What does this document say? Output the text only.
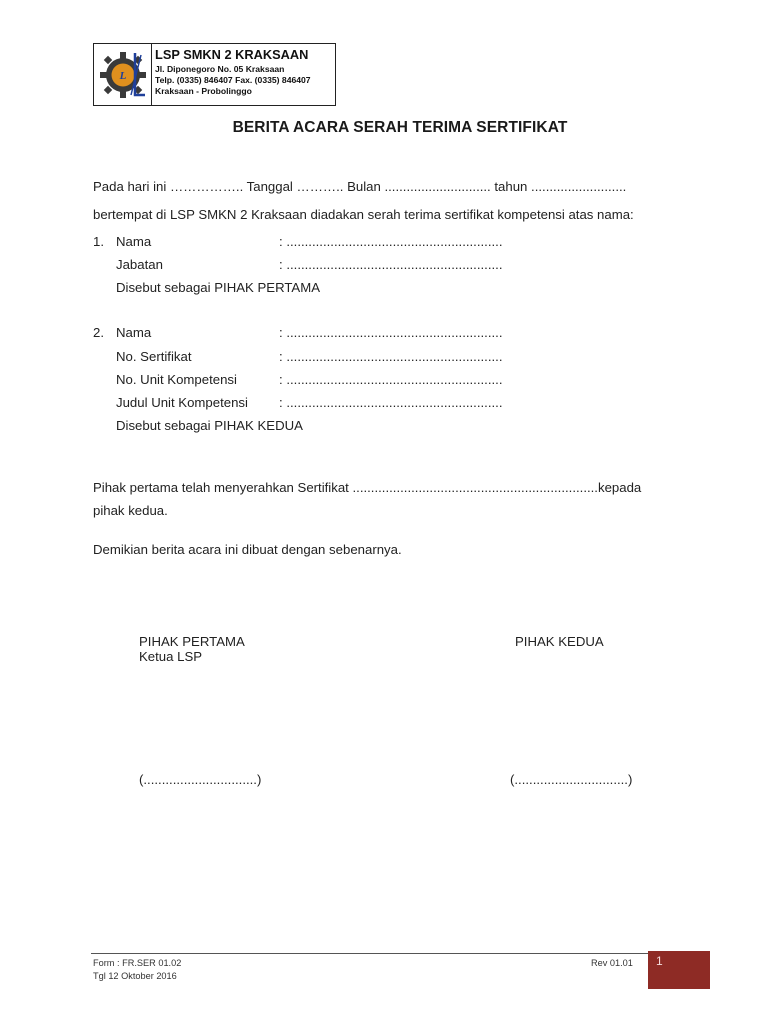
L
LSP SMKN 2 KRAKSAAN
Jl. Diponegoro No. 05 Kraksaan
Telp. (0335) 846407 Fax. (0335) 846407
Kraksaan - Probolinggo
BERITA ACARA SERAH TERIMA SERTIFIKAT
Pada hari ini …………….. Tanggal ……….. Bulan ............................. tahun ..........................
bertempat di LSP SMKN 2 Kraksaan diadakan serah terima sertifikat kompetensi atas nama:
1. Nama	: ...........................................................
Jabatan	: ...........................................................
Disebut sebagai PIHAK PERTAMA
2. Nama	: ...........................................................
No. Sertifikat	: ...........................................................
No. Unit Kompetensi	: ...........................................................
Judul Unit Kompetensi : ...........................................................
Disebut sebagai PIHAK KEDUA
Pihak pertama telah menyerahkan Sertifikat ...................................................................kepada
pihak kedua.
Demikian berita acara ini dibuat dengan sebenarnya.
PIHAK PERTAMA
Ketua LSP
PIHAK KEDUA
(...............................)	(...............................)
Form : FR.SER 01.02
Tgl 12 Oktober 2016
Rev 01.01 1
